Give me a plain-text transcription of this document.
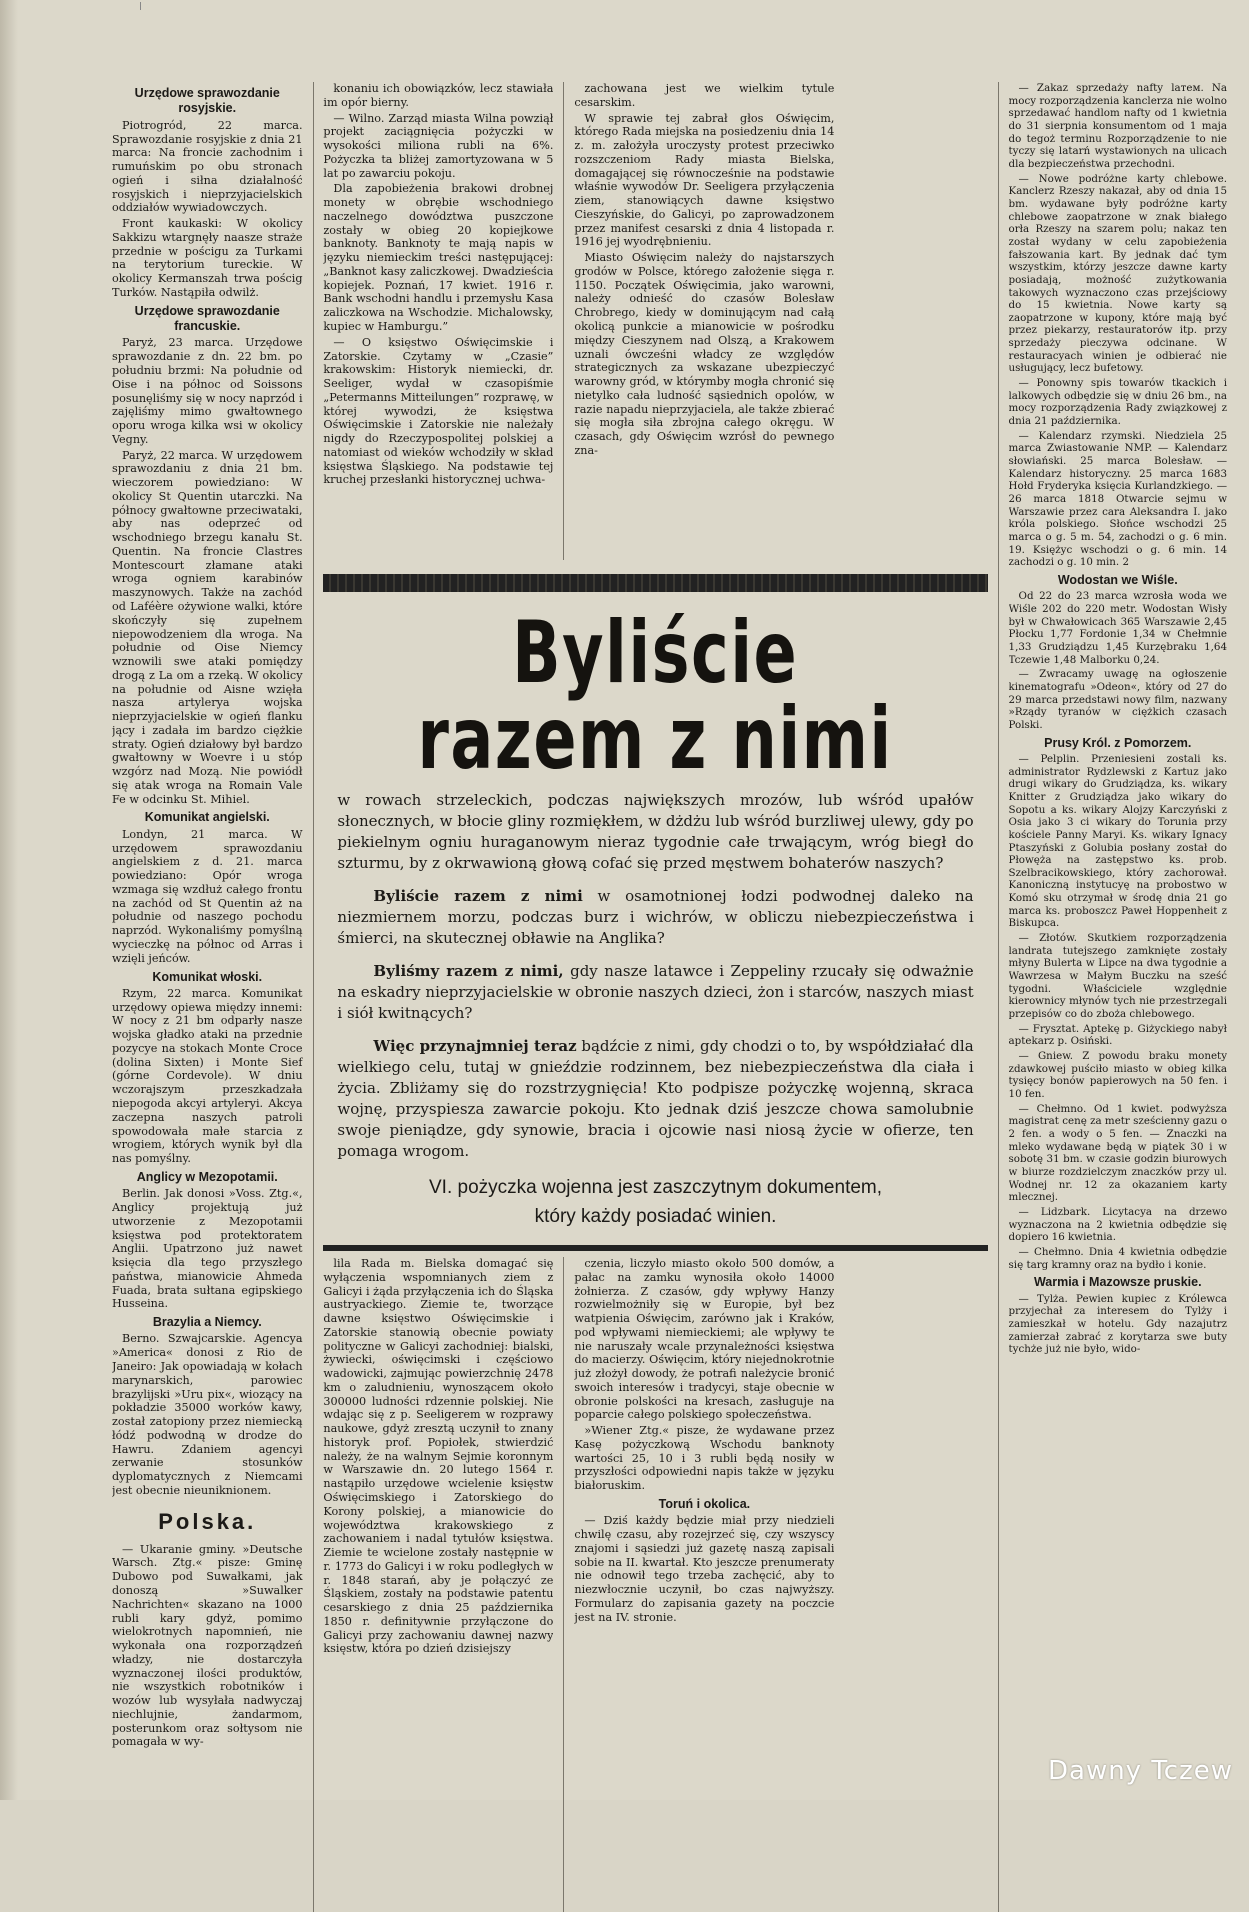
Urzędowe sprawozdanie rosyjskie.

Piotrogród, 22 marca. Sprawozdanie rosyjskie z dnia 21 marca: Na froncie zachodnim i rumuńskim po obu stronach ogień i siłna działalność rosyjskich i nieprzyjacielskich oddziałów wywiadowczych.

Front kaukaski: W okolicy Sakkizu wtargnęły naasze straże przednie w pościgu za Turkami na terytorium tureckie. W okolicy Kermanszah trwa pościg Turków. Nastąpiła odwilż.

Urzędowe sprawozdanie francuskie.

Paryż, 23 marca. Urzędowe sprawozdanie z dn. 22 bm. po południu brzmi: Na południe od Oise i na północ od Soissons posunęliśmy się w nocy naprzód i zajęliśmy mimo gwałtownego oporu wroga kilka wsi w okolicy Vegny.

Paryż, 22 marca. W urzędowem sprawozdaniu z dnia 21 bm. wieczorem powiedziano: W okolicy St Quentin utarczki. Na północy gwałtowne przeciwataki, aby nas odeprzeć od wschodniego brzegu kanału St. Quentin. Na froncie Clastres Montescourt złamane ataki wroga ogniem karabinów maszynowych. Także na zachód od Laféère ożywione walki, które skończyły się zupełnem niepowodzeniem dla wroga. Na południe od Oise Niemcy wznowili swe ataki pomiędzy drogą z La om a rzeką. W okolicy na południe od Aisne wzięła nasza artylerya wojska nieprzyjacielskie w ogień flanku jący i zadała im bardzo ciężkie straty. Ogień działowy był bardzo gwałtowny w Woevre i u stóp wzgórz nad Mozą. Nie powiódł się atak wroga na Romain Vale Fe w odcinku St. Mihiel.

Komunikat angielski.

Londyn, 21 marca. W urzędowem sprawozdaniu angielskiem z d. 21. marca powiedziano: Opór wroga wzmaga się wzdłuż całego frontu na zachód od St Quentin aż na południe od naszego pochodu naprzód. Wykonaliśmy pomyślną wycieczkę na północ od Arras i wzięli jeńców.

Komunikat włoski.

Rzym, 22 marca. Komunikat urzędowy opiewa między innemi: W nocy z 21 bm odparły nasze wojska gładko ataki na przednie pozycye na stokach Monte Croce (dolina Sixten) i Monte Sief (górne Cordevole). W dniu wczorajszym przeszkadzała niepogoda akcyi artyleryi. Akcya zaczepna naszych patroli spowodowała małe starcia z wrogiem, których wynik był dla nas pomyślny.

Anglicy w Mezopotamii.

Berlin. Jak donosi »Voss. Ztg.«, Anglicy projektują już utworzenie z Mezopotamii księstwa pod protektoratem Anglii. Upatrzono już nawet księcia dla tego przyszłego państwa, mianowicie Ahmeda Fuada, brata sułtana egipskiego Husseina.

Brazylia a Niemcy.

Berno. Szwajcarskie. Agencya »America« donosi z Rio de Janeiro: Jak opowiadają w kołach marynarskich, parowiec brazylijski »Uru pix«, wiozący na pokładzie 35000 worków kawy, został zatopiony przez niemiecką łódź podwodną w drodze do Hawru. Zdaniem agencyi zerwanie stosunków dyplomatycznych z Niemcami jest obecnie nieuniknionem.

Polska.

— Ukaranie gminy. »Deutsche Warsch. Ztg.« pisze: Gminę Dubowo pod Suwałkami, jak donoszą »Suwalker Nachrichten« skazano na 1000 rubli kary gdyż, pomimo wielokrotnych napomnień, nie wykonała ona rozporządzeń władzy, nie dostarczyła wyznaczonej ilości produktów, nie wszystkich robotników i wozów lub wysyłała nadwyczaj niechlujnie, żandarmom, posterunkom oraz sołtysom nie pomagała w wy-

konaniu ich obowiązków, lecz stawiała im opór bierny.

— Wilno. Zarząd miasta Wilna powziął projekt zaciągnięcia pożyczki w wysokości miliona rubli na 6%. Pożyczka ta bliżej zamortyzowana w 5 lat po zawarciu pokoju.

Dla zapobieżenia brakowi drobnej monety w obrębie wschodniego naczelnego dowództwa puszczone zostały w obieg 20 kopiejkowe banknoty. Banknoty te mają napis w języku niemieckim treści następującej: „Banknot kasy zaliczkowej. Dwadzieścia kopiejek. Poznań, 17 kwiet. 1916 r. Bank wschodni handlu i przemysłu Kasa zaliczkowa na Wschodzie. Michalowsky, kupiec w Hamburgu.”

— O księstwo Oświęcimskie i Zatorskie. Czytamy w „Czasie” krakowskim: Historyk niemiecki, dr. Seeliger, wydał w czasopiśmie „Petermanns Mitteilungen” rozprawę, w której wywodzi, że księstwa Oświęcimskie i Zatorskie nie należały nigdy do Rzeczypospolitej polskiej a natomiast od wieków wchodziły w skład księstwa Śląskiego. Na podstawie tej kruchej przesłanki historycznej uchwa-

zachowana jest we wielkim tytule cesarskim.

W sprawie tej zabrał głos Oświęcim, którego Rada miejska na posiedzeniu dnia 14 z. m. założyła uroczysty protest przeciwko rozszczeniom Rady miasta Bielska, domagającej się równocześnie na podstawie właśnie wywodów Dr. Seeligera przyłączenia ziem, stanowiących dawne księstwo Cieszyńskie, do Galicyi, po zaprowadzonem przez manifest cesarski z dnia 4 listopada r. 1916 jej wyodrębnieniu.

Miasto Oświęcim należy do najstarszych grodów w Polsce, którego założenie sięga r. 1150. Początek Oświęcimia, jako warowni, należy odnieść do czasów Bolesław Chrobrego, kiedy w dominującym nad całą okolicą punkcie a mianowicie w pośrodku między Cieszynem nad Olszą, a Krakowem uznali ówcześni władcy ze względów strategicznych za wskazane ubezpieczyć warowny gród, w którymby mogła chronić się nietylko cała ludność sąsiednich opolów, w razie napadu nieprzyjaciela, ale także zbierać się mogła siła zbrojna całego okręgu. W czasach, gdy Oświęcim wzrósł do pewnego zna-

Byliście razem z nimi

w rowach strzeleckich, podczas największych mrozów, lub wśród upałów słonecznych, w błocie gliny rozmiękłem, w dżdżu lub wśród burzliwej ulewy, gdy po piekielnym ogniu huraganowym nieraz tygodnie całe trwającym, wróg biegł do szturmu, by z okrwawioną głową cofać się przed męstwem bohaterów naszych?

Byliście razem z nimi w osamotnionej łodzi podwodnej daleko na niezmiernem morzu, podczas burz i wichrów, w obliczu niebezpieczeństwa i śmierci, na skutecznej obławie na Anglika?

Byliśmy razem z nimi, gdy nasze latawce i Zeppeliny rzucały się odważnie na eskadry nieprzyjacielskie w obronie naszych dzieci, żon i starców, naszych miast i siół kwitnących?

Więc przynajmniej teraz bądźcie z nimi, gdy chodzi o to, by współdziałać dla wielkiego celu, tutaj w gnieździe rodzinnem, bez niebezpieczeństwa dla ciała i życia. Zbliżamy się do rozstrzygnięcia! Kto podpisze pożyczkę wojenną, skraca wojnę, przyspiesza zawarcie pokoju. Kto jednak dziś jeszcze chowa samolubnie swoje pieniądze, gdy synowie, bracia i ojcowie nasi niosą życie w ofierze, ten pomaga wrogom.

VI. pożyczka wojenna jest zaszczytnym dokumentem,
który każdy posiadać winien.

lila Rada m. Bielska domagać się wyłączenia wspomnianych ziem z Galicyi i żąda przyłączenia ich do Śląska austryackiego. Ziemie te, tworzące dawne księstwo Oświęcimskie i Zatorskie stanowią obecnie powiaty polityczne w Galicyi zachodniej: bialski, żywiecki, oświęcimski i częściowo wadowicki, zajmując powierzchnię 2478 km o zaludnieniu, wynoszącem około 300000 ludności rdzennie polskiej. Nie wdając się z p. Seeligerem w rozprawy naukowe, gdyż zresztą uczynił to znany historyk prof. Popiołek, stwierdzić należy, że na walnym Sejmie koronnym w Warszawie dn. 20 lutego 1564 r. nastąpiło urzędowe wcielenie księstw Oświęcimskiego i Zatorskiego do Korony polskiej, a mianowicie do województwa krakowskiego z zachowaniem i nadal tytułów księstwa. Ziemie te wcielone zostały następnie w r. 1773 do Galicyi i w roku podległych w r. 1848 starań, aby je połączyć ze Śląskiem, zostały na podstawie patentu cesarskiego z dnia 25 października 1850 r. definitywnie przyłączone do Galicyi przy zachowaniu dawnej nazwy księstw, która po dzień dzisiejszy

czenia, liczyło miasto około 500 domów, a pałac na zamku wynosiła około 14000 żołnierza. Z czasów, gdy wpływy Hanzy rozwielmożniły się w Europie, był bez watpienia Oświęcim, zarówno jak i Kraków, pod wpływami niemieckiemi; ale wpływy te nie naruszały wcale przynależności księstwa do macierzy. Oświęcim, który niejednokrotnie już złożył dowody, że potrafi należycie bronić swoich interesów i tradycyi, staje obecnie w obronie polskości na kresach, zasługuje na poparcie całego polskiego społeczeństwa.

»Wiener Ztg.« pisze, że wydawane przez Kasę pożyczkową Wschodu banknoty wartości 25, 10 i 3 rubli będą nosiły w przyszłości odpowiedni napis także w języku białoruskim.

Toruń i okolica.

— Dziś każdy będzie miał przy niedzieli chwilę czasu, aby rozejrzeć się, czy wszyscy znajomi i sąsiedzi już gazetę naszą zapisali sobie na II. kwartał. Kto jeszcze prenumeraty nie odnowił tego trzeba zachęcić, aby to niezwłocznie uczynił, bo czas najwyższy. Formularz do zapisania gazety na poczcie jest na IV. stronie.

— Zakaz sprzedaży nafty laтем. Na mocy rozporządzenia kanclerza nie wolno sprzedawać handlom nafty od 1 kwietnia do 31 sierpnia konsumentom od 1 maja do tegoż terminu Rozporządzenie to nie tyczy się latarń wystawionych na ulicach dla bezpieczeństwa przechodni.

— Nowe podróżne karty chlebowe. Kanclerz Rzeszy nakazał, aby od dnia 15 bm. wydawane były podróżne karty chlebowe zaopatrzone w znak białego orła Rzeszy na szarem polu; nakaz ten został wydany w celu zapobieżenia fałszowania kart. By jednak dać tym wszystkim, którzy jeszcze dawne karty posiadają, możność zużytkowania takowych wyznaczono czas przejściowy do 15 kwietnia. Nowe karty są zaopatrzone w kupony, które mają być przez piekarzy, restauratorów itp. przy sprzedaży pieczywa odcinane. W restauracyach winien je odbierać nie usługujący, lecz bufetowy.

— Ponowny spis towarów tkackich i lalkowych odbędzie się w dniu 26 bm., na mocy rozporządzenia Rady związkowej z dnia 21 października.

— Kalendarz rzymski. Niedziela 25 marca Zwiastowanie NMP. — Kalendarz słowiański. 25 marca Bolesław. — Kalendarz historyczny. 25 marca 1683 Hołd Fryderyka księcia Kurlandzkiego. — 26 marca 1818 Otwarcie sejmu w Warszawie przez cara Aleksandra I. jako króla polskiego. Słońce wschodzi 25 marca o g. 5 m. 54, zachodzi o g. 6 min. 19. Księżyc wschodzi o g. 6 min. 14 zachodzi o g. 10 min. 2

Wodostan we Wiśle.

Od 22 do 23 marca wzrosła woda we Wiśle 202 do 220 metr. Wodostan Wisły był w Chwałowicach 365 Warszawie 2,45 Płocku 1,77 Fordonie 1,34 w Chełmnie 1,33 Grudziądzu 1,45 Kurzębraku 1,64 Tczewie 1,48 Malborku 0,24.

— Zwracamy uwagę na ogłoszenie kinematografu »Odeon«, który od 27 do 29 marca przedstawi nowy film, nazwany »Rządy tyranów w ciężkich czasach Polski.

Prusy Król. z Pomorzem.

— Pelplin. Przeniesieni zostali ks. administrator Rydzlewski z Kartuz jako drugi wikary do Grudziądza, ks. wikary Knitter z Grudziądza jako wikary do Sopotu a ks. wikary Alojzy Karczyński z Osia jako 3 ci wikary do Torunia przy kościele Panny Maryi. Ks. wikary Ignacy Ptaszyński z Golubia posłany został do Płowęża na zastępstwo ks. prob. Szelbracikowskiego, który zachorował. Kanoniczną instytucyę na probostwo w Komó sku otrzymał w środę dnia 21 go marca ks. proboszcz Paweł Hoppenheit z Biskupca.

— Złotów. Skutkiem rozporządzenia landrata tutejszego zamknięte zostały młyny Bulerta w Lipce na dwa tygodnie a Wawrzesa w Małym Buczku na sześć tygodni. Właściciele względnie kierownicy młynów tych nie przestrzegali przepisów co do zboża chlebowego.

— Frysztat. Aptekę p. Giżyckiego nabył aptekarz p. Osiński.

— Gniew. Z powodu braku monety zdawkowej puściło miasto w obieg kilka tysięcy bonów papierowych na 50 fen. i 10 fen.

— Chełmno. Od 1 kwiet. podwyższa magistrat cenę za metr sześcienny gazu o 2 fen. a wody o 5 fen. — Znaczki na mleko wydawane będą w piątek 30 i w sobotę 31 bm. w czasie godzin biurowych w biurze rozdzielczym znaczków przy ul. Wodnej nr. 12 za okazaniem karty mlecznej.

— Lidzbark. Licytacya na drzewo wyznaczona na 2 kwietnia odbędzie się dopiero 16 kwietnia.

— Chełmno. Dnia 4 kwietnia odbędzie się targ kramny oraz na bydło i konie.

Warmia i Mazowsze pruskie.

— Tylża. Pewien kupiec z Królewca przyjechał za interesem do Tylży i zamieszkał w hotelu. Gdy nazajutrz zamierzał zabrać z korytarza swe buty tychże już nie było, wido-

Dawny Tczew
